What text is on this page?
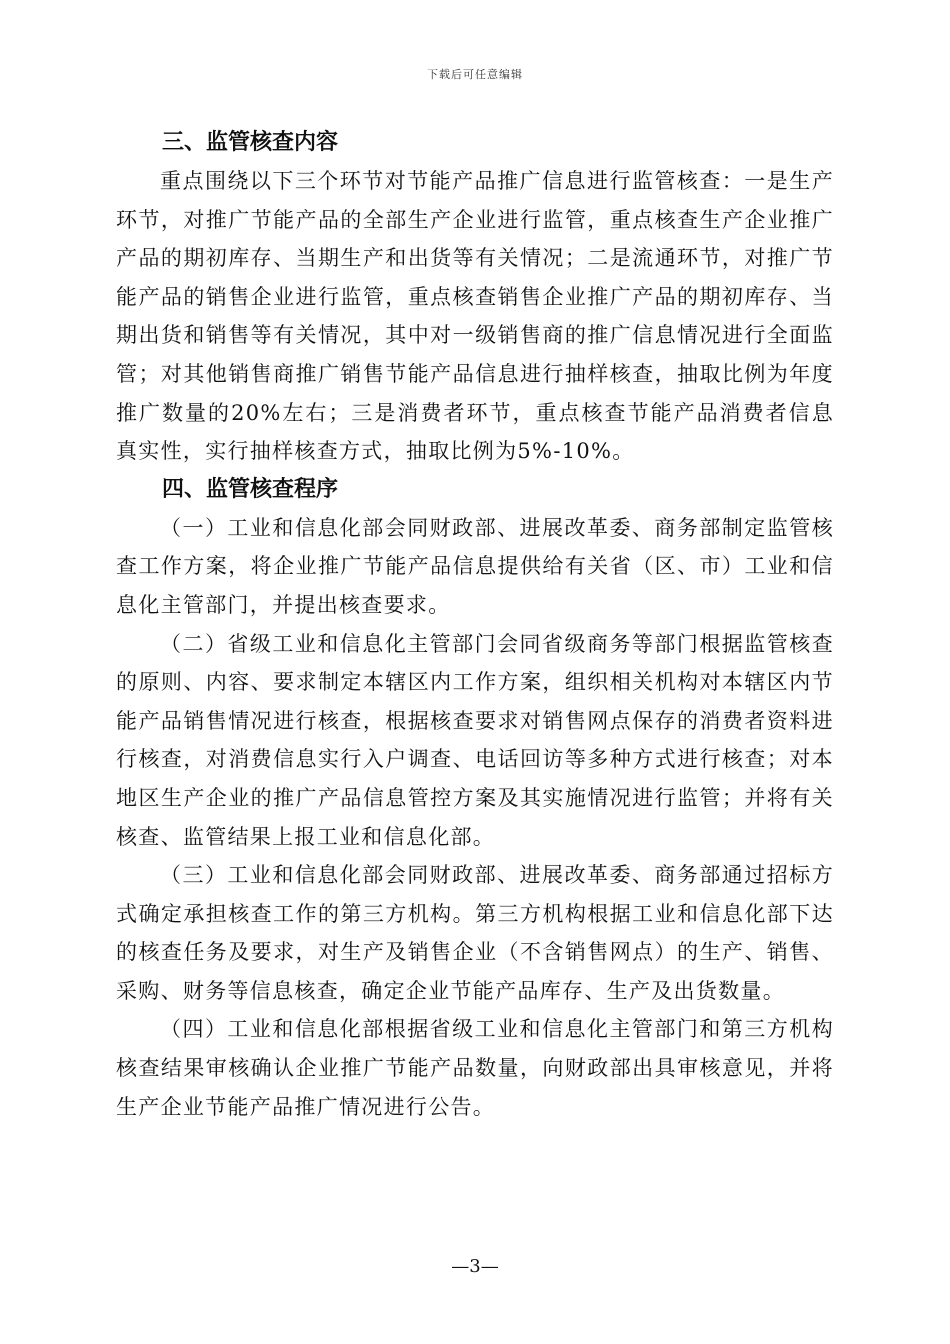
下载后可任意编辑

三、监管核查内容

重点围绕以下三个环节对节能产品推广信息进行监管核查：一是生产环节，对推广节能产品的全部生产企业进行监管，重点核查生产企业推广产品的期初库存、当期生产和出货等有关情况；二是流通环节，对推广节能产品的销售企业进行监管，重点核查销售企业推广产品的期初库存、当期出货和销售等有关情况，其中对一级销售商的推广信息情况进行全面监管；对其他销售商推广销售节能产品信息进行抽样核查，抽取比例为年度推广数量的20%左右；三是消费者环节，重点核查节能产品消费者信息真实性，实行抽样核查方式，抽取比例为5%-10%。

四、监管核查程序

（一）工业和信息化部会同财政部、进展改革委、商务部制定监管核查工作方案，将企业推广节能产品信息提供给有关省（区、市）工业和信息化主管部门，并提出核查要求。

（二）省级工业和信息化主管部门会同省级商务等部门根据监管核查的原则、内容、要求制定本辖区内工作方案，组织相关机构对本辖区内节能产品销售情况进行核查，根据核查要求对销售网点保存的消费者资料进行核查，对消费信息实行入户调查、电话回访等多种方式进行核查；对本地区生产企业的推广产品信息管控方案及其实施情况进行监管；并将有关核查、监管结果上报工业和信息化部。

（三）工业和信息化部会同财政部、进展改革委、商务部通过招标方式确定承担核查工作的第三方机构。第三方机构根据工业和信息化部下达的核查任务及要求，对生产及销售企业（不含销售网点）的生产、销售、采购、财务等信息核查，确定企业节能产品库存、生产及出货数量。

（四）工业和信息化部根据省级工业和信息化主管部门和第三方机构核查结果审核确认企业推广节能产品数量，向财政部出具审核意见，并将生产企业节能产品推广情况进行公告。

—3—
